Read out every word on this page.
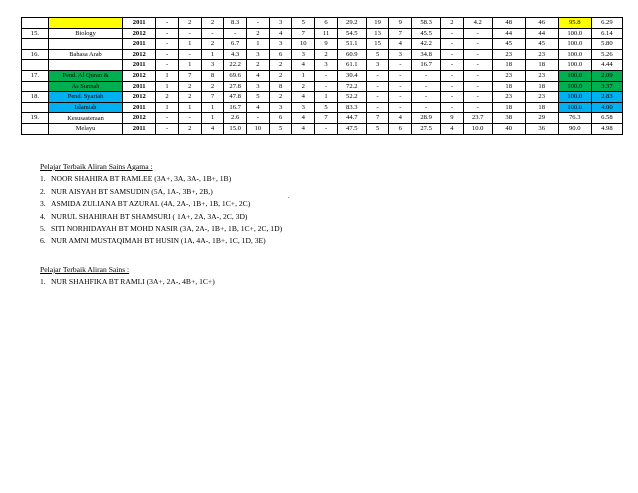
		2011	-	2	2	8.3	-	3	5	6	29.2	19	9	58.3	2	4.2	48	46	95.8	6.29
15.	Biology	2012	-	-	-	-	2	4	7	11	54.5	13	7	45.5	-	-	44	44	100.0	6.14
		2011	-	1	2	6.7	1	3	10	9	51.1	15	4	42.2	-	-	45	45	100.0	5.80
16.	Bahasa Arab	2012	-	-	1	4.3	3	6	3	2	60.9	5	3	34.8	-	-	23	23	100.0	5.26
		2011	-	1	3	22.2	2	2	4	3	61.1	3	-	16.7	-	-	18	18	100.0	4.44
17.	Pend. Al Quran &	2012	1	7	8	69.6	4	2	1	-	30.4	-	-	-	-	-	23	23	100.0	2.09
	As Sunnah	2011	1	2	2	27.8	3	8	2	-	72.2	-	-	-	-	-	18	18	100.0	3.37
18.	Pend. Syariah	2012	2	2	7	47.8	5	2	4	1	52.2	-	-	-	-	-	23	23	100.0	2.83
	Islamiah	2011	1	1	1	16.7	4	3	3	5	83.3	-	-	-	-	-	18	18	100.0	4.00
19.	Kesusasteraan	2012	-	-	1	2.6	-	6	4	7	44.7	7	4	28.9	9	23.7	38	29	76.3	6.58
	Melayu	2011	-	2	4	15.0	10	5	4	-	47.5	5	6	27.5	4	10.0	40	36	90.0	4.98
Pelajar Terbaik Aliran Sains Agama :
1. NOOR SHAHIRA BT RAMLEE (3A+, 3A, 3A-, 1B+, 1B)
2. NUR AISYAH BT SAMSUDIN (5A, 1A-, 3B+, 2B,)
3. ASMIDA ZULIANA BT AZURAL (4A, 2A-, 1B+, 1B, 1C+, 2C)
4. NURUL SHAHIRAH BT SHAMSURI ( 1A+, 2A, 3A-, 2C, 3D)
5. SITI NORHIDAYAH BT MOHD NASIR (3A, 2A-, 1B+, 1B, 1C+, 2C, 1D)
6. NUR AMNI MUSTAQIMAH BT HUSIN (1A, 4A-, 1B+, 1C, 1D, 3E)
.
Pelajar Terbaik Aliran Sains :
1. NUR SHAHFIKA BT RAMLI (3A+, 2A-, 4B+, 1C+)
